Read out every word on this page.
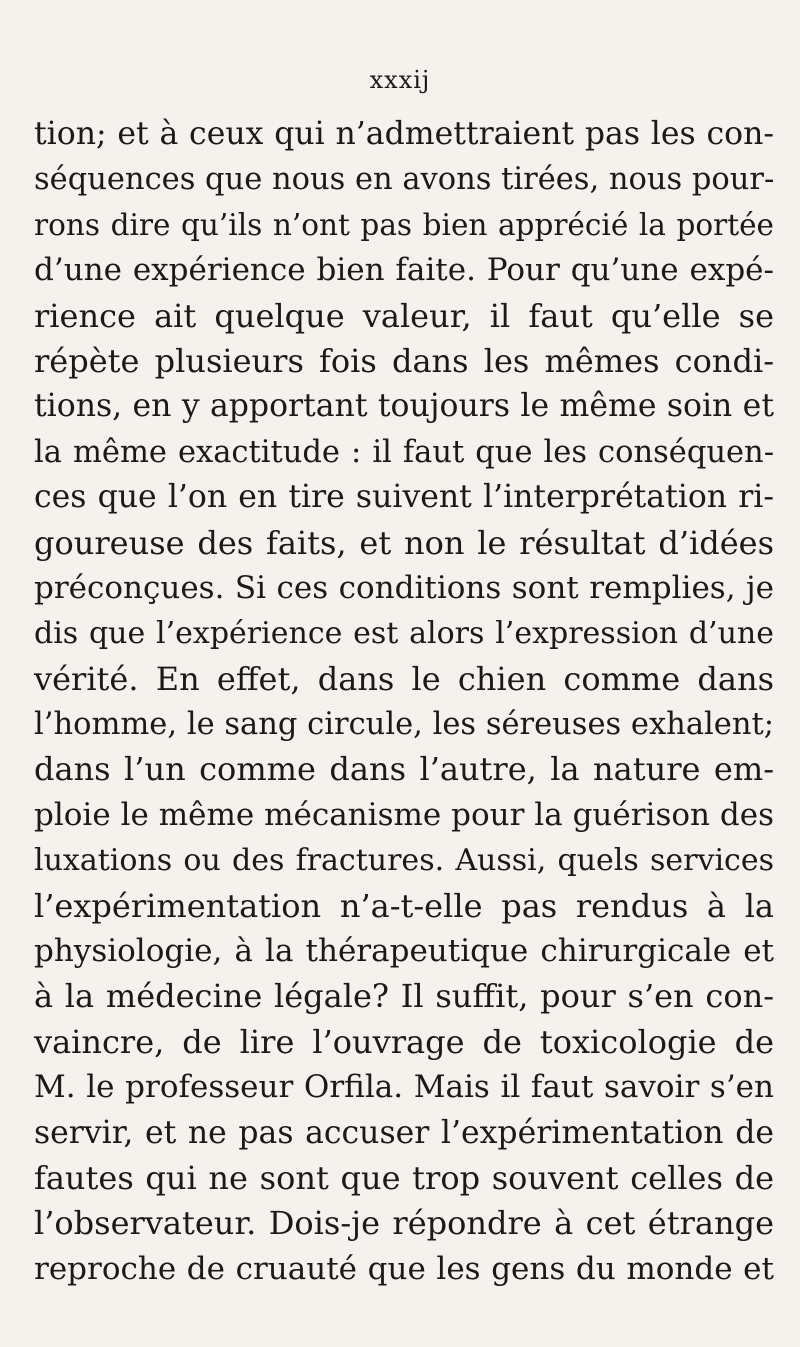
xxxij
tion; et à ceux qui n’admettraient pas les con-
séquences que nous en avons tirées, nous pour-
rons dire qu’ils n’ont pas bien apprécié la portée
d’une expérience bien faite. Pour qu’une expé-
rience ait quelque valeur, il faut qu’elle se
répète plusieurs fois dans les mêmes condi-
tions, en y apportant toujours le même soin et
la même exactitude : il faut que les conséquen-
ces que l’on en tire suivent l’interprétation ri-
goureuse des faits, et non le résultat d’idées
préconçues. Si ces conditions sont remplies, je
dis que l’expérience est alors l’expression d’une
vérité. En effet, dans le chien comme dans
l’homme, le sang circule, les séreuses exhalent;
dans l’un comme dans l’autre, la nature em-
ploie le même mécanisme pour la guérison des
luxations ou des fractures. Aussi, quels services
l’expérimentation n’a-t-elle pas rendus à la
physiologie, à la thérapeutique chirurgicale et
à la médecine légale? Il suffit, pour s’en con-
vaincre, de lire l’ouvrage de toxicologie de
M. le professeur Orfila. Mais il faut savoir s’en
servir, et ne pas accuser l’expérimentation de
fautes qui ne sont que trop souvent celles de
l’observateur. Dois-je répondre à cet étrange
reproche de cruauté que les gens du monde et
